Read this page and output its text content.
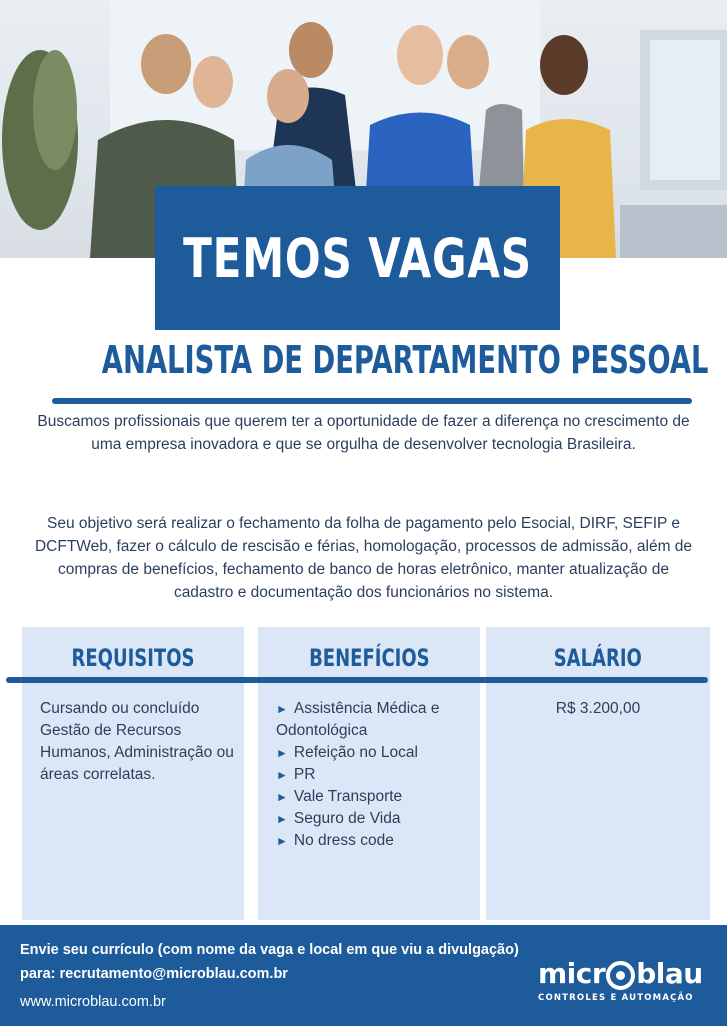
TEMOS VAGAS
ANALISTA DE DEPARTAMENTO PESSOAL
Buscamos profissionais que querem ter a oportunidade de fazer a diferença no crescimento de uma empresa inovadora e que se orgulha de desenvolver tecnologia Brasileira.
Seu objetivo será realizar o fechamento da folha de pagamento pelo Esocial, DIRF, SEFIP e DCFTWeb, fazer o cálculo de rescisão e férias, homologação, processos de admissão, além de compras de benefícios, fechamento de banco de horas eletrônico, manter atualização de cadastro e documentação dos funcionários no sistema.
REQUISITOS
Cursando ou concluído Gestão de Recursos Humanos, Administração ou áreas correlatas.
BENEFÍCIOS
► Assistência Médica e Odontológica
► Refeição no Local
► PR
► Vale Transporte
► Seguro de Vida
► No dress code
SALÁRIO
R$ 3.200,00
Envie seu currículo (com nome da vaga e local em que viu a divulgação) para: recrutamento@microblau.com.br
www.microblau.com.br
micr blau
CONTROLES E AUTOMAÇÃO
